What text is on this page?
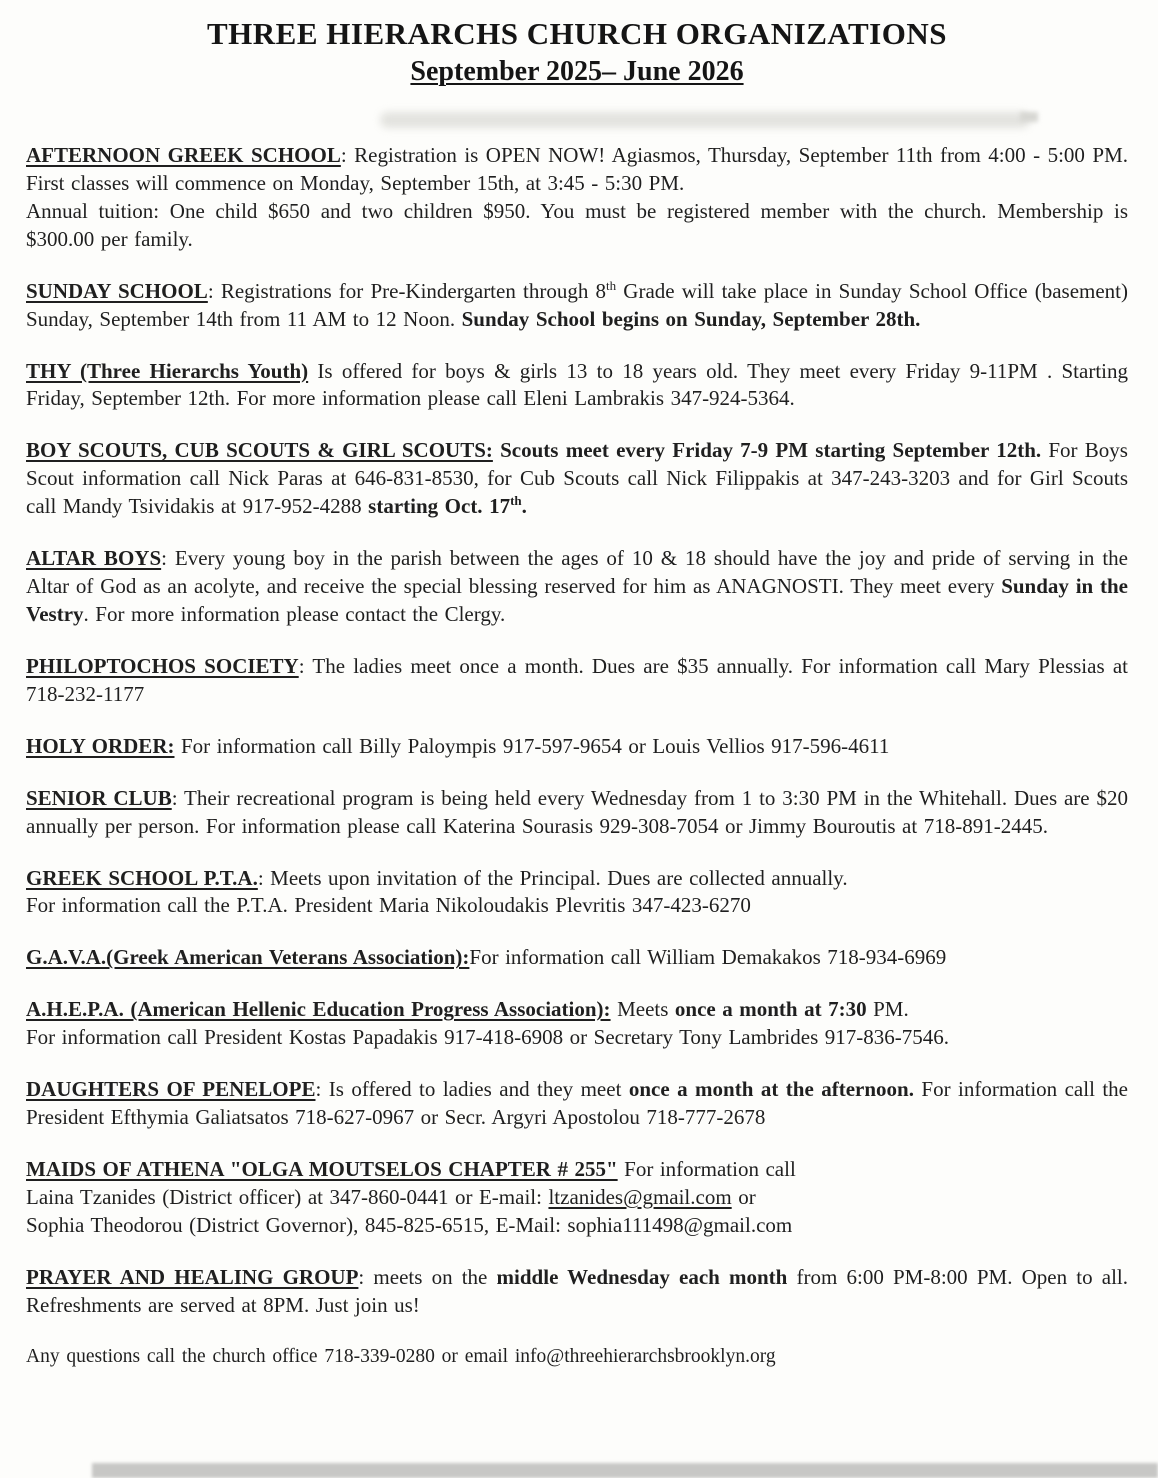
THREE HIERARCHS CHURCH ORGANIZATIONS
September 2025– June 2026

AFTERNOON GREEK SCHOOL: Registration is OPEN NOW! Agiasmos, Thursday, September 11th from 4:00 - 5:00 PM. First classes will commence on Monday, September 15th, at 3:45 - 5:30 PM.
Annual tuition: One child $650 and two children $950. You must be registered member with the church. Membership is $300.00 per family.

SUNDAY SCHOOL: Registrations for Pre-Kindergarten through 8th Grade will take place in Sunday School Office (basement) Sunday, September 14th from 11 AM to 12 Noon. Sunday School begins on Sunday, September 28th.

THY (Three Hierarchs Youth) Is offered for boys & girls 13 to 18 years old. They meet every Friday 9-11PM . Starting Friday, September 12th. For more information please call Eleni Lambrakis 347-924-5364.

BOY SCOUTS, CUB SCOUTS & GIRL SCOUTS: Scouts meet every Friday 7-9 PM starting September 12th. For Boys Scout information call Nick Paras at 646-831-8530, for Cub Scouts call Nick Filippakis at 347-243-3203 and for Girl Scouts call Mandy Tsividakis at 917-952-4288 starting Oct. 17th.

ALTAR BOYS: Every young boy in the parish between the ages of 10 & 18 should have the joy and pride of serving in the Altar of God as an acolyte, and receive the special blessing reserved for him as ANAGNOSTI. They meet every Sunday in the Vestry. For more information please contact the Clergy.

PHILOPTOCHOS SOCIETY: The ladies meet once a month. Dues are $35 annually. For information call Mary Plessias at 718-232-1177

HOLY ORDER: For information call Billy Paloympis 917-597-9654 or Louis Vellios 917-596-4611

SENIOR CLUB: Their recreational program is being held every Wednesday from 1 to 3:30 PM in the Whitehall. Dues are $20 annually per person. For information please call Katerina Sourasis 929-308-7054 or Jimmy Bouroutis at 718-891-2445.

GREEK SCHOOL P.T.A.: Meets upon invitation of the Principal. Dues are collected annually.
For information call the P.T.A. President Maria Nikoloudakis Plevritis 347-423-6270

G.A.V.A.(Greek American Veterans Association):For information call William Demakakos 718-934-6969

A.H.E.P.A. (American Hellenic Education Progress Association): Meets once a month at 7:30 PM.
For information call President Kostas Papadakis 917-418-6908 or Secretary Tony Lambrides 917-836-7546.

DAUGHTERS OF PENELOPE: Is offered to ladies and they meet once a month at the afternoon. For information call the President Efthymia Galiatsatos 718-627-0967 or Secr. Argyri Apostolou 718-777-2678

MAIDS OF ATHENA "OLGA MOUTSELOS CHAPTER # 255" For information call
Laina Tzanides (District officer) at 347-860-0441 or E-mail: ltzanides@gmail.com or
Sophia Theodorou (District Governor), 845-825-6515, E-Mail: sophia111498@gmail.com

PRAYER AND HEALING GROUP: meets on the middle Wednesday each month from 6:00 PM-8:00 PM. Open to all. Refreshments are served at 8PM. Just join us!

Any questions call the church office 718-339-0280 or email info@threehierarchsbrooklyn.org
